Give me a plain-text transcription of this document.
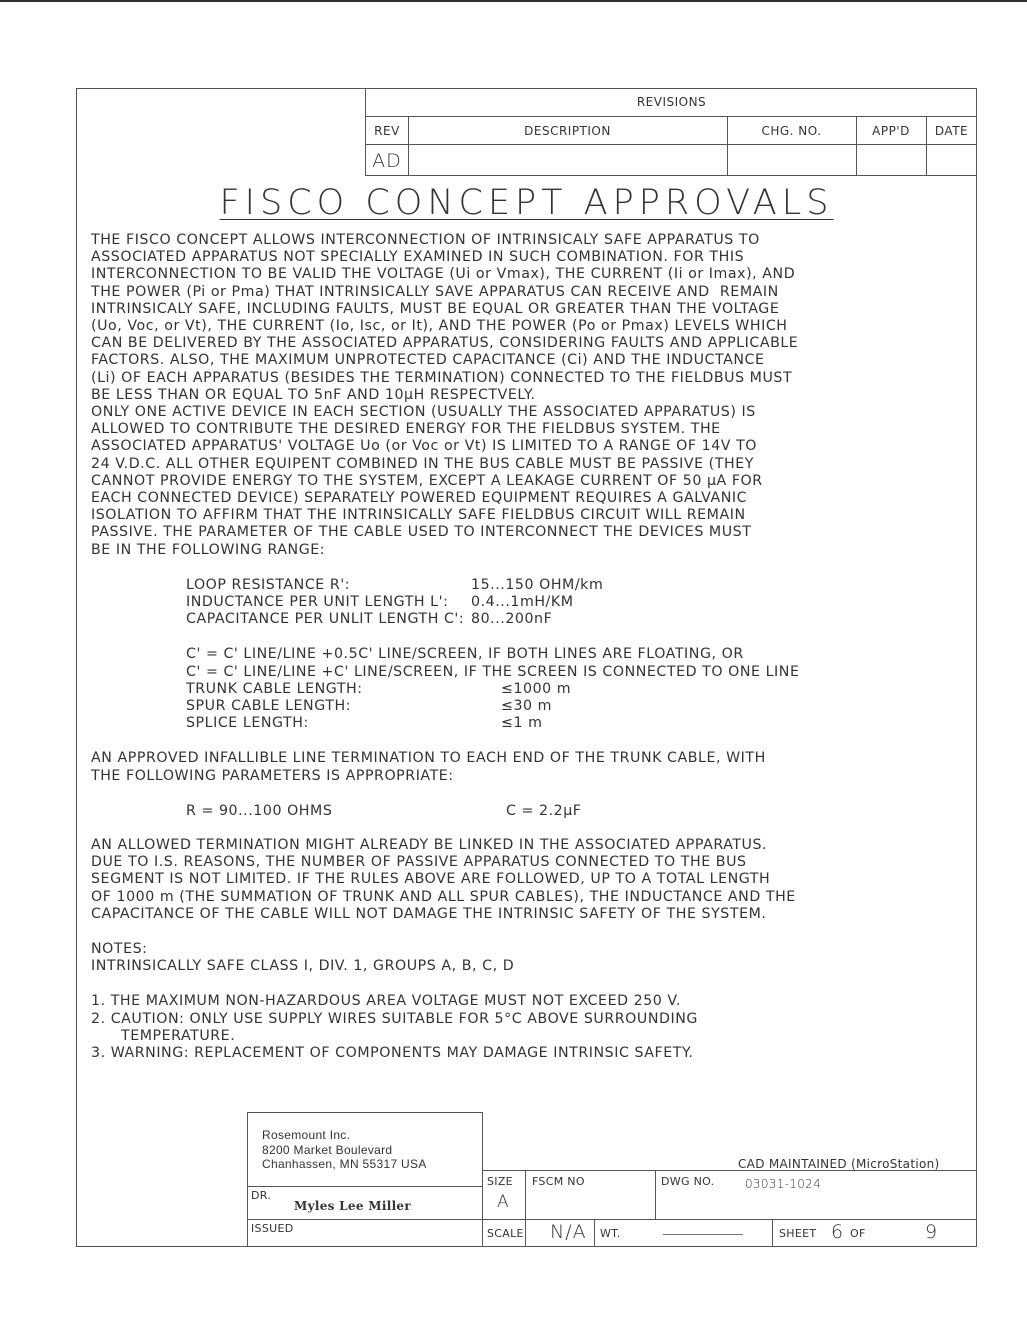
REVISIONS
REV	DESCRIPTION	CHG. NO.	APP'D	DATE
AD
FISCO CONCEPT APPROVALS

THE FISCO CONCEPT ALLOWS INTERCONNECTION OF INTRINSICALY SAFE APPARATUS TO
ASSOCIATED APPARATUS NOT SPECIALLY EXAMINED IN SUCH COMBINATION. FOR THIS
INTERCONNECTION TO BE VALID THE VOLTAGE (Ui or Vmax), THE CURRENT (Ii or Imax), AND
THE POWER (Pi or Pma) THAT INTRINSICALLY SAVE APPARATUS CAN RECEIVE AND  REMAIN
INTRINSICALY SAFE, INCLUDING FAULTS, MUST BE EQUAL OR GREATER THAN THE VOLTAGE
(Uo, Voc, or Vt), THE CURRENT (Io, Isc, or It), AND THE POWER (Po or Pmax) LEVELS WHICH
CAN BE DELIVERED BY THE ASSOCIATED APPARATUS, CONSIDERING FAULTS AND APPLICABLE
FACTORS. ALSO, THE MAXIMUM UNPROTECTED CAPACITANCE (Ci) AND THE INDUCTANCE
(Li) OF EACH APPARATUS (BESIDES THE TERMINATION) CONNECTED TO THE FIELDBUS MUST
BE LESS THAN OR EQUAL TO 5nF AND 10µH RESPECTVELY.
ONLY ONE ACTIVE DEVICE IN EACH SECTION (USUALLY THE ASSOCIATED APPARATUS) IS
ALLOWED TO CONTRIBUTE THE DESIRED ENERGY FOR THE FIELDBUS SYSTEM. THE
ASSOCIATED APPARATUS' VOLTAGE Uo (or Voc or Vt) IS LIMITED TO A RANGE OF 14V TO
24 V.D.C. ALL OTHER EQUIPENT COMBINED IN THE BUS CABLE MUST BE PASSIVE (THEY
CANNOT PROVIDE ENERGY TO THE SYSTEM, EXCEPT A LEAKAGE CURRENT OF 50 µA FOR
EACH CONNECTED DEVICE) SEPARATELY POWERED EQUIPMENT REQUIRES A GALVANIC
ISOLATION TO AFFIRM THAT THE INTRINSICALLY SAFE FIELDBUS CIRCUIT WILL REMAIN
PASSIVE. THE PARAMETER OF THE CABLE USED TO INTERCONNECT THE DEVICES MUST
BE IN THE FOLLOWING RANGE:

LOOP RESISTANCE R':	15...150 OHM/km
INDUCTANCE PER UNIT LENGTH L':	0.4...1mH/KM
CAPACITANCE PER UNLIT LENGTH C': 80...200nF
C' = C' LINE/LINE +0.5C' LINE/SCREEN, IF BOTH LINES ARE FLOATING, OR
C' = C' LINE/LINE +C' LINE/SCREEN, IF THE SCREEN IS CONNECTED TO ONE LINE
TRUNK CABLE LENGTH:	≤1000 m
SPUR CABLE LENGTH:	≤30 m
SPLICE LENGTH:	≤1 m

AN APPROVED INFALLIBLE LINE TERMINATION TO EACH END OF THE TRUNK CABLE, WITH
THE FOLLOWING PARAMETERS IS APPROPRIATE:

R = 90...100 OHMS	C = 2.2µF

AN ALLOWED TERMINATION MIGHT ALREADY BE LINKED IN THE ASSOCIATED APPARATUS.
DUE TO I.S. REASONS, THE NUMBER OF PASSIVE APPARATUS CONNECTED TO THE BUS
SEGMENT IS NOT LIMITED. IF THE RULES ABOVE ARE FOLLOWED, UP TO A TOTAL LENGTH
OF 1000 m (THE SUMMATION OF TRUNK AND ALL SPUR CABLES), THE INDUCTANCE AND THE
CAPACITANCE OF THE CABLE WILL NOT DAMAGE THE INTRINSIC SAFETY OF THE SYSTEM.

NOTES:
INTRINSICALLY SAFE CLASS I, DIV. 1, GROUPS A, B, C, D
1. THE MAXIMUM NON-HAZARDOUS AREA VOLTAGE MUST NOT EXCEED 250 V.
2. CAUTION: ONLY USE SUPPLY WIRES SUITABLE FOR 5°C ABOVE SURROUNDING
TEMPERATURE.
3. WARNING: REPLACEMENT OF COMPONENTS MAY DAMAGE INTRINSIC SAFETY.
Rosemount Inc.
8200 Market Boulevard
Chanhassen, MN 55317 USA
DR.
Myles Lee Miller
ISSUED
CAD MAINTAINED (MicroStation)
SIZE
A
FSCM NO	DWG NO.	03031-1024
SCALE N/A WT.	SHEET 6 OF	9
